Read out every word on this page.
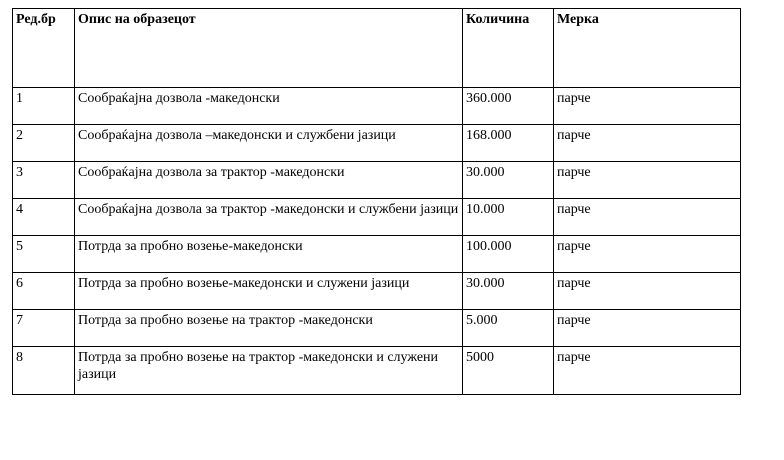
Ред.бр	Опис на образецот	Количина	Мерка
1	Сообраќајна дозвола -македонски	360.000	парче
2	Сообраќајна дозвола –македонски и службени јазици	168.000	парче
3	Сообраќајна дозвола за трактор -македонски	30.000	парче
4	Сообраќајна дозвола за трактор -македонски и службени јазици	10.000	парче
5	Потрда за пробно возење-македонски	100.000	парче
6	Потрда за пробно возење-македонски и служени јазици	30.000	парче
7	Потрда за пробно возење на трактор -македонски	5.000	парче
8	Потрда за пробно возење на трактор -македонски и служени јазици	5000	парче
